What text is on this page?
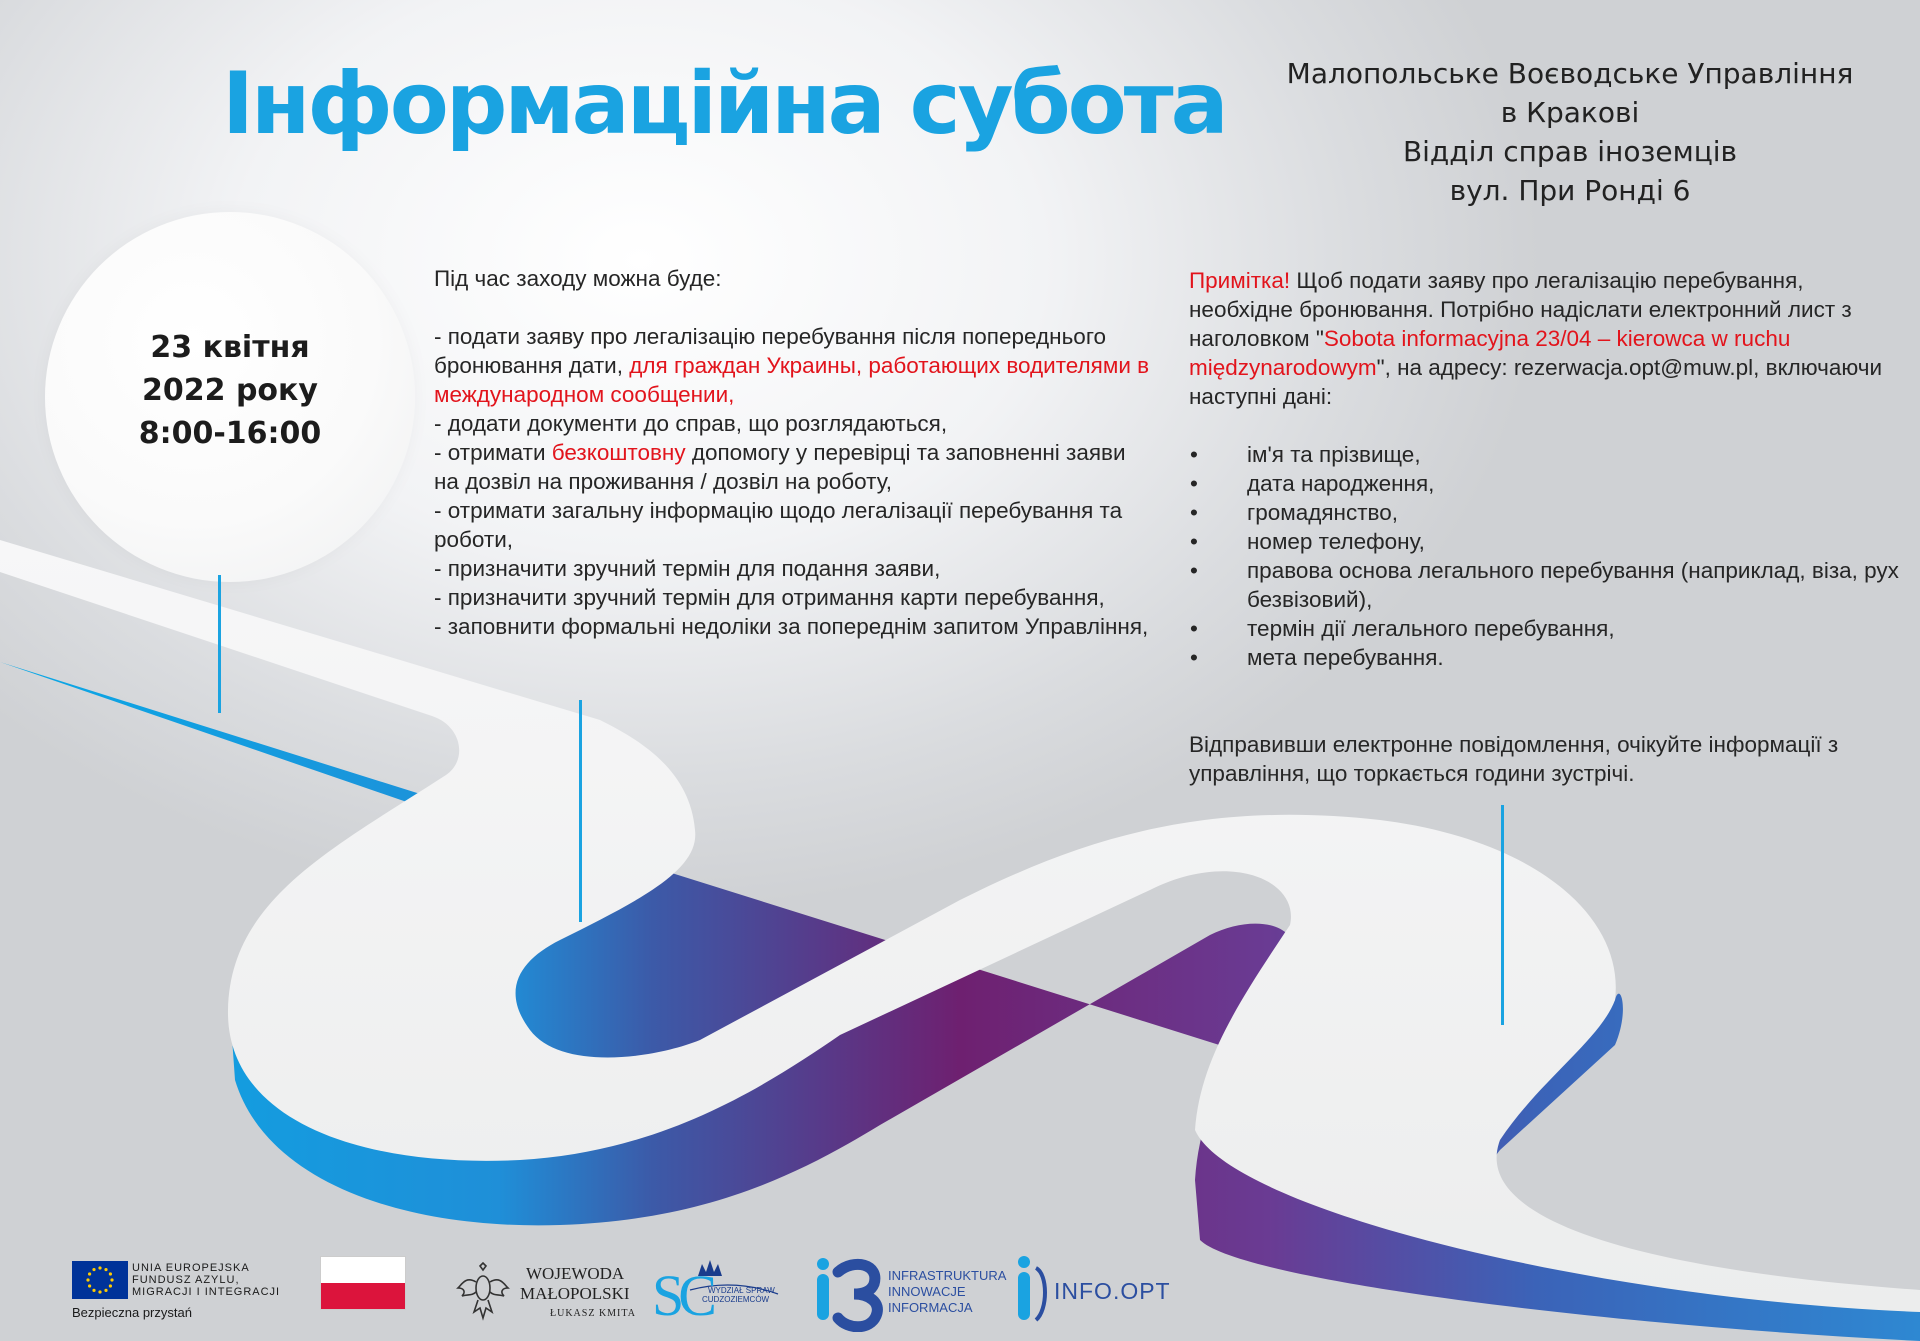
Інформаційна субота	Малопольське Воєводське Управління
в Кракові
Відділ справ іноземців
вул. При Ронді 6
23 квітня
2022 року
8:00-16:00

Під час заходу можна буде:

- подати заяву про легалізацію перебування після попереднього бронювання дати, для граждан Украины, работающих водителями в международном сообщении,

- додати документи до справ, що розглядаються,

- отримати безкоштовну допомогу у перевірці та заповненні заяви на дозвіл на проживання / дозвіл на роботу,

- отримати загальну інформацію щодо легалізації перебування та роботи,

- призначити зручний термін для подання заяви,

- призначити зручний термін для отримання карти перебування,

- заповнити формальні недоліки за попереднім запитом Управління,

Примітка! Щоб подати заяву про легалізацію перебування, необхідне бронювання. Потрібно надіслати електронний лист з наголовком "Sobota informacyjna 23/04 – kierowca w ruchu międzynarodowym", на адресу: rezerwacja.opt@muw.pl, включаючи наступні дані:

• ім'я та прізвище,
• дата народження,
• громадянство,
• номер телефону,
• правова основа легального перебування (наприклад, віза, рух безвізовий),
• термін дії легального перебування,
• мета перебування.

Відправивши електронне повідомлення, очікуйте інформації з управління, що торкається години зустрічі.

UNIA EUROPEJSKA
FUNDUSZ AZYLU,
MIGRACJI I INTEGRACJI
Bezpieczna przystań
WOJEWODA
MAŁOPOLSKI
ŁUKASZ KMITA SC
WYDZIAŁ SPRAW
CUDZOZIEMCÓW
INFRASTRUKTURA
INNOWACJE
INFORMACJA
INFO.OPT
